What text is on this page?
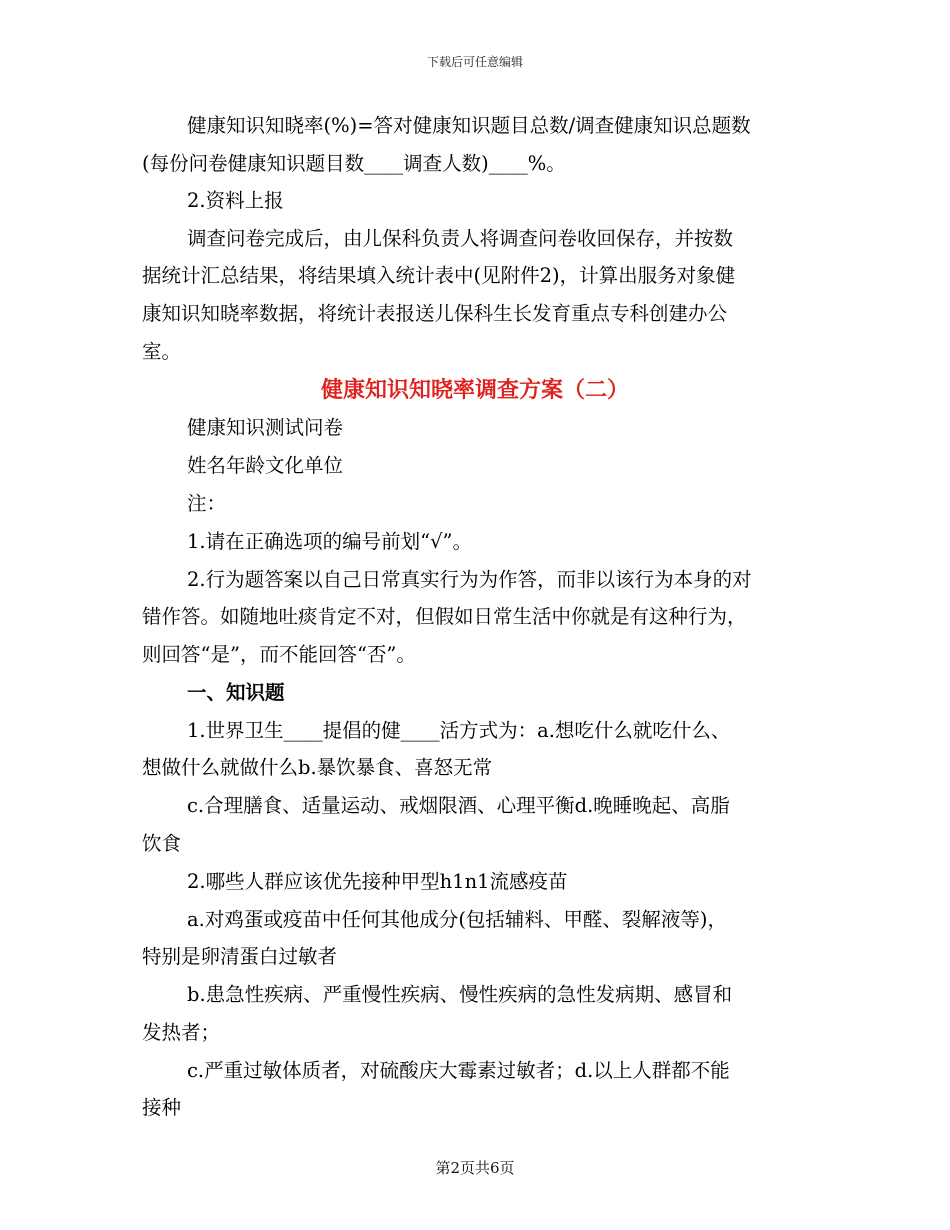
下载后可任意编辑
健康知识知晓率(%)=答对健康知识题目总数/调查健康知识总题数
(每份问卷健康知识题目数____调查人数)____%。
2.资料上报
调查问卷完成后，由儿保科负责人将调查问卷收回保存，并按数
据统计汇总结果，将结果填入统计表中(见附件2)，计算出服务对象健
康知识知晓率数据，将统计表报送儿保科生长发育重点专科创建办公
室。
健康知识知晓率调查方案（二）
健康知识测试问卷
姓名年龄文化单位
注：
1.请在正确选项的编号前划“√”。
2.行为题答案以自己日常真实行为为作答，而非以该行为本身的对
错作答。如随地吐痰肯定不对，但假如日常生活中你就是有这种行为，
则回答“是”，而不能回答“否”。
一、知识题
1.世界卫生____提倡的健____活方式为：a.想吃什么就吃什么、
想做什么就做什么b.暴饮暴食、喜怒无常
c.合理膳食、适量运动、戒烟限酒、心理平衡d.晚睡晚起、高脂
饮食
2.哪些人群应该优先接种甲型h1n1流感疫苗
a.对鸡蛋或疫苗中任何其他成分(包括辅料、甲醛、裂解液等)，
特别是卵清蛋白过敏者
b.患急性疾病、严重慢性疾病、慢性疾病的急性发病期、感冒和
发热者；
c.严重过敏体质者，对硫酸庆大霉素过敏者；d.以上人群都不能
接种
第2页共6页
